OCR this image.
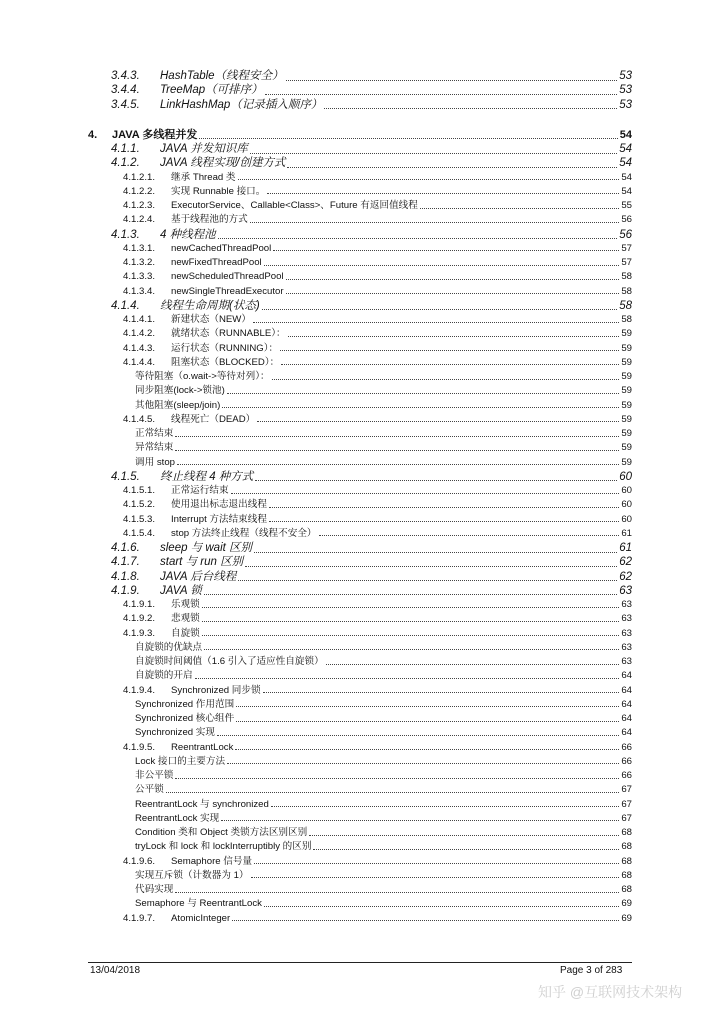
3.4.3.	HashTable（线程安全）	53
3.4.4.	TreeMap（可排序）	53
3.4.5.	LinkHashMap（记录插入顺序）	53
4.	JAVA 多线程并发	54
4.1.1.	JAVA 并发知识库	54
4.1.2.	JAVA 线程实现/创建方式	54
4.1.2.1.	继承 Thread 类	54
4.1.2.2.	实现 Runnable 接口。	54
4.1.2.3.	ExecutorService、Callable<Class>、Future 有返回值线程	55
4.1.2.4.	基于线程池的方式	56
4.1.3.	4 种线程池	56
4.1.3.1.	newCachedThreadPool	57
4.1.3.2.	newFixedThreadPool	57
4.1.3.3.	newScheduledThreadPool	58
4.1.3.4.	newSingleThreadExecutor	58
4.1.4.	线程生命周期(状态)	58
4.1.4.1.	新建状态（NEW）	58
4.1.4.2.	就绪状态（RUNNABLE）：	59
4.1.4.3.	运行状态（RUNNING）：	59
4.1.4.4.	阻塞状态（BLOCKED）：	59
等待阻塞（o.wait->等待对列）：	59
同步阻塞(lock->锁池)	59
其他阻塞(sleep/join)	59
4.1.4.5.	线程死亡（DEAD）	59
正常结束	59
异常结束	59
调用 stop	59
4.1.5.	终止线程 4 种方式	60
4.1.5.1.	正常运行结束	60
4.1.5.2.	使用退出标志退出线程	60
4.1.5.3.	Interrupt 方法结束线程	60
4.1.5.4.	stop 方法终止线程（线程不安全）	61
4.1.6.	sleep 与 wait 区别	61
4.1.7.	start 与 run 区别	62
4.1.8.	JAVA 后台线程	62
4.1.9.	JAVA 锁	63
4.1.9.1.	乐观锁	63
4.1.9.2.	悲观锁	63
4.1.9.3.	自旋锁	63
自旋锁的优缺点	63
自旋锁时间阈值（1.6 引入了适应性自旋锁）	63
自旋锁的开启	64
4.1.9.4.	Synchronized 同步锁	64
Synchronized 作用范围	64
Synchronized 核心组件	64
Synchronized 实现	64
4.1.9.5.	ReentrantLock	66
Lock 接口的主要方法	66
非公平锁	66
公平锁	67
ReentrantLock 与 synchronized	67
ReentrantLock 实现	67
Condition 类和 Object 类锁方法区别区别	68
tryLock 和 lock 和 lockInterruptibly 的区别	68
4.1.9.6.	Semaphore 信号量	68
实现互斥锁（计数器为 1）	68
代码实现	68
Semaphore 与 ReentrantLock	69
4.1.9.7.	AtomicInteger	69
13/04/2018	Page 3 of 283
知乎 @互联网技术架构
